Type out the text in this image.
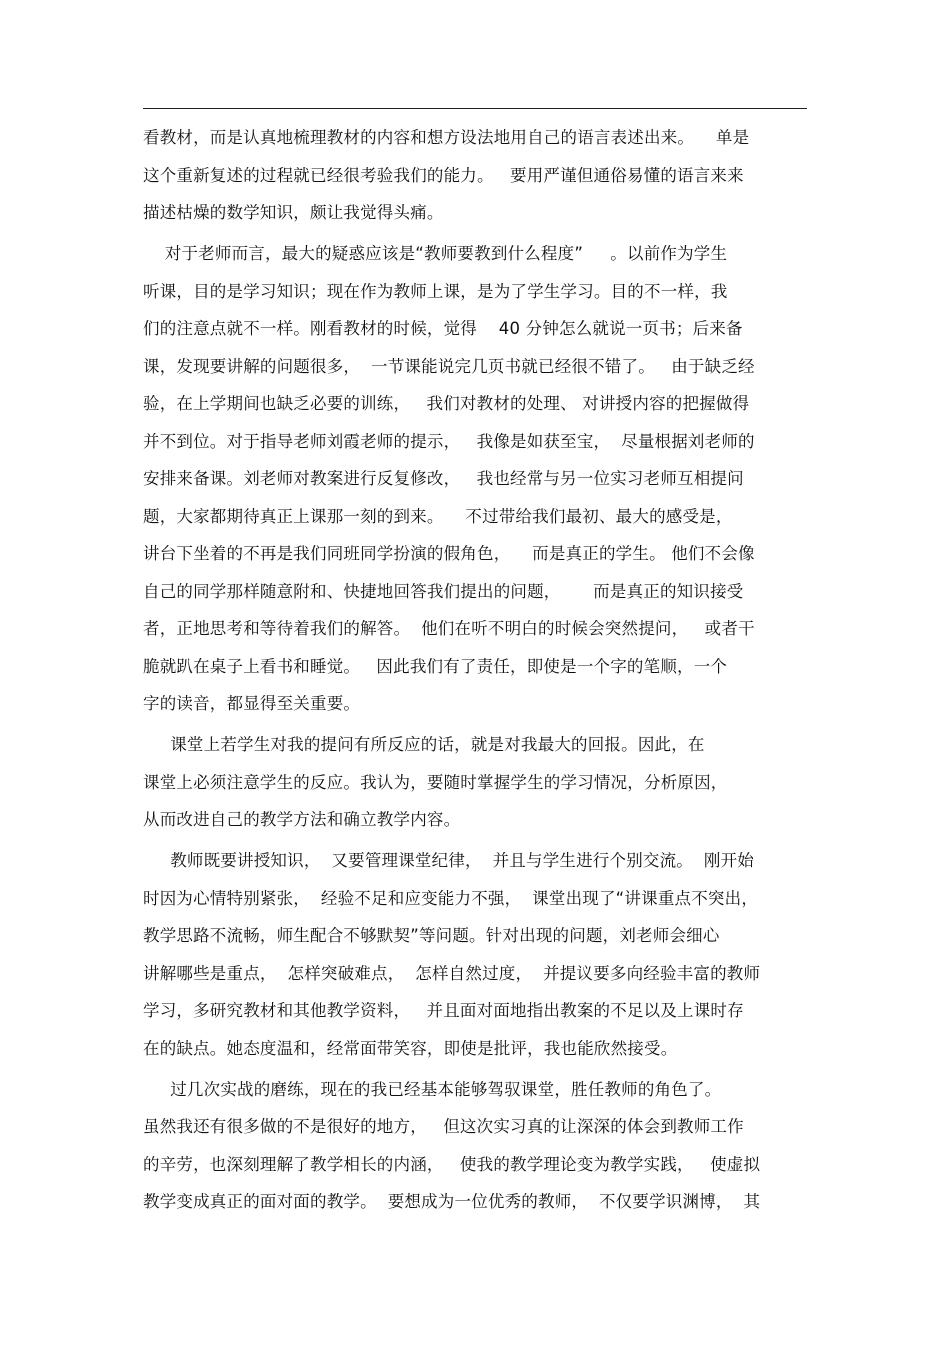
看教材，而是认真地梳理教材的内容和想方设法地用自己的语言表述出来。    单是
这个重新复述的过程就已经很考验我们的能力。   要用严谨但通俗易懂的语言来来
描述枯燥的数学知识，颇让我觉得头痛。
对于老师而言，最大的疑惑应该是“教师要教到什么程度”     。以前作为学生
听课，目的是学习知识；现在作为教师上课，是为了学生学习。目的不一样，我
们的注意点就不一样。刚看教材的时候，觉得    40 分钟怎么就说一页书；后来备
课，发现要讲解的问题很多，  一节课能说完几页书就已经很不错了。   由于缺乏经
验，在上学期间也缺乏必要的训练，   我们对教材的处理、 对讲授内容的把握做得
并不到位。对于指导老师刘霞老师的提示，   我像是如获至宝，  尽量根据刘老师的
安排来备课。刘老师对教案进行反复修改，   我也经常与另一位实习老师互相提问
题，大家都期待真正上课那一刻的到来。    不过带给我们最初、最大的感受是，
讲台下坐着的不再是我们同班同学扮演的假角色，    而是真正的学生。 他们不会像
自己的同学那样随意附和、快捷地回答我们提出的问题，      而是真正的知识接受
者，正地思考和等待着我们的解答。  他们在听不明白的时候会突然提问，   或者干
脆就趴在桌子上看书和睡觉。   因此我们有了责任，即使是一个字的笔顺，一个
字的读音，都显得至关重要。
课堂上若学生对我的提问有所反应的话，就是对我最大的回报。因此，在
课堂上必须注意学生的反应。我认为，要随时掌握学生的学习情况，分析原因，
从而改进自己的教学方法和确立教学内容。
教师既要讲授知识，  又要管理课堂纪律，  并且与学生进行个别交流。  刚开始
时因为心情特别紧张，  经验不足和应变能力不强，  课堂出现了“讲课重点不突出，
教学思路不流畅，师生配合不够默契”等问题。针对出现的问题，刘老师会细心
讲解哪些是重点，  怎样突破难点，  怎样自然过度，  并提议要多向经验丰富的教师
学习，多研究教材和其他教学资料，   并且面对面地指出教案的不足以及上课时存
在的缺点。她态度温和，经常面带笑容，即使是批评，我也能欣然接受。
过几次实战的磨练，现在的我已经基本能够驾驭课堂，胜任教师的角色了。
虽然我还有很多做的不是很好的地方，   但这次实习真的让深深的体会到教师工作
的辛劳，也深刻理解了教学相长的内涵，   使我的教学理论变为教学实践，   使虚拟
教学变成真正的面对面的教学。  要想成为一位优秀的教师，  不仅要学识渊博，  其
